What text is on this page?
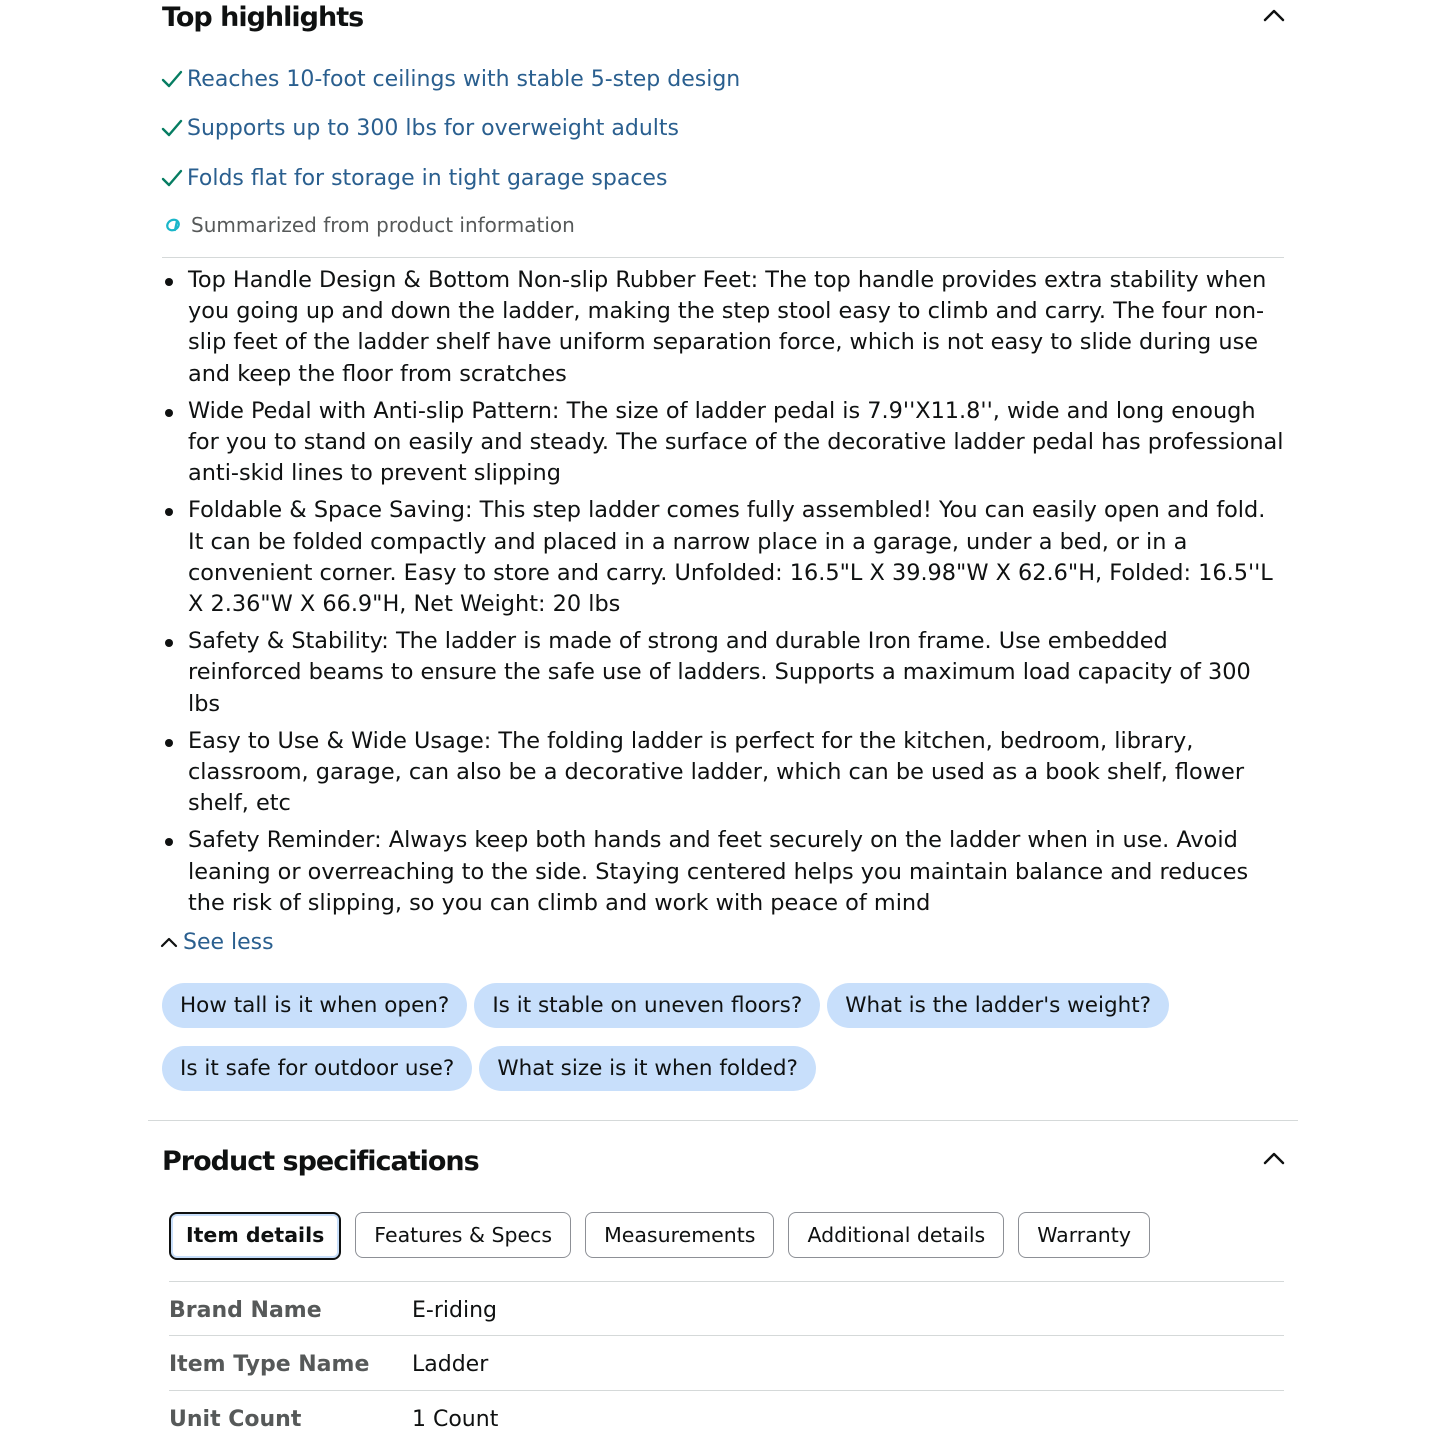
Top highlights
Reaches 10-foot ceilings with stable 5-step design
Supports up to 300 lbs for overweight adults
Folds flat for storage in tight garage spaces
Summarized from product information
Top Handle Design & Bottom Non-slip Rubber Feet: The top handle provides extra stability when you going up and down the ladder, making the step stool easy to climb and carry. The four non-slip feet of the ladder shelf have uniform separation force, which is not easy to slide during use and keep the floor from scratches
Wide Pedal with Anti-slip Pattern: The size of ladder pedal is 7.9''X11.8'', wide and long enough for you to stand on easily and steady. The surface of the decorative ladder pedal has professional anti-skid lines to prevent slipping
Foldable & Space Saving: This step ladder comes fully assembled! You can easily open and fold. It can be folded compactly and placed in a narrow place in a garage, under a bed, or in a convenient corner. Easy to store and carry. Unfolded: 16.5"L X 39.98"W X 62.6"H, Folded: 16.5''L X 2.36"W X 66.9"H, Net Weight: 20 lbs
Safety & Stability: The ladder is made of strong and durable Iron frame. Use embedded reinforced beams to ensure the safe use of ladders. Supports a maximum load capacity of 300 lbs
Easy to Use & Wide Usage: The folding ladder is perfect for the kitchen, bedroom, library, classroom, garage, can also be a decorative ladder, which can be used as a book shelf, flower shelf, etc
Safety Reminder: Always keep both hands and feet securely on the ladder when in use. Avoid leaning or overreaching to the side. Staying centered helps you maintain balance and reduces the risk of slipping, so you can climb and work with peace of mind
See less
How tall is it when open? Is it stable on uneven floors? What is the ladder's weight?
Is it safe for outdoor use? What size is it when folded?
Product specifications
Item details	Features & Specs	Measurements	Additional details	Warranty
Brand Name	E-riding
Item Type Name	Ladder
Unit Count	1 Count
